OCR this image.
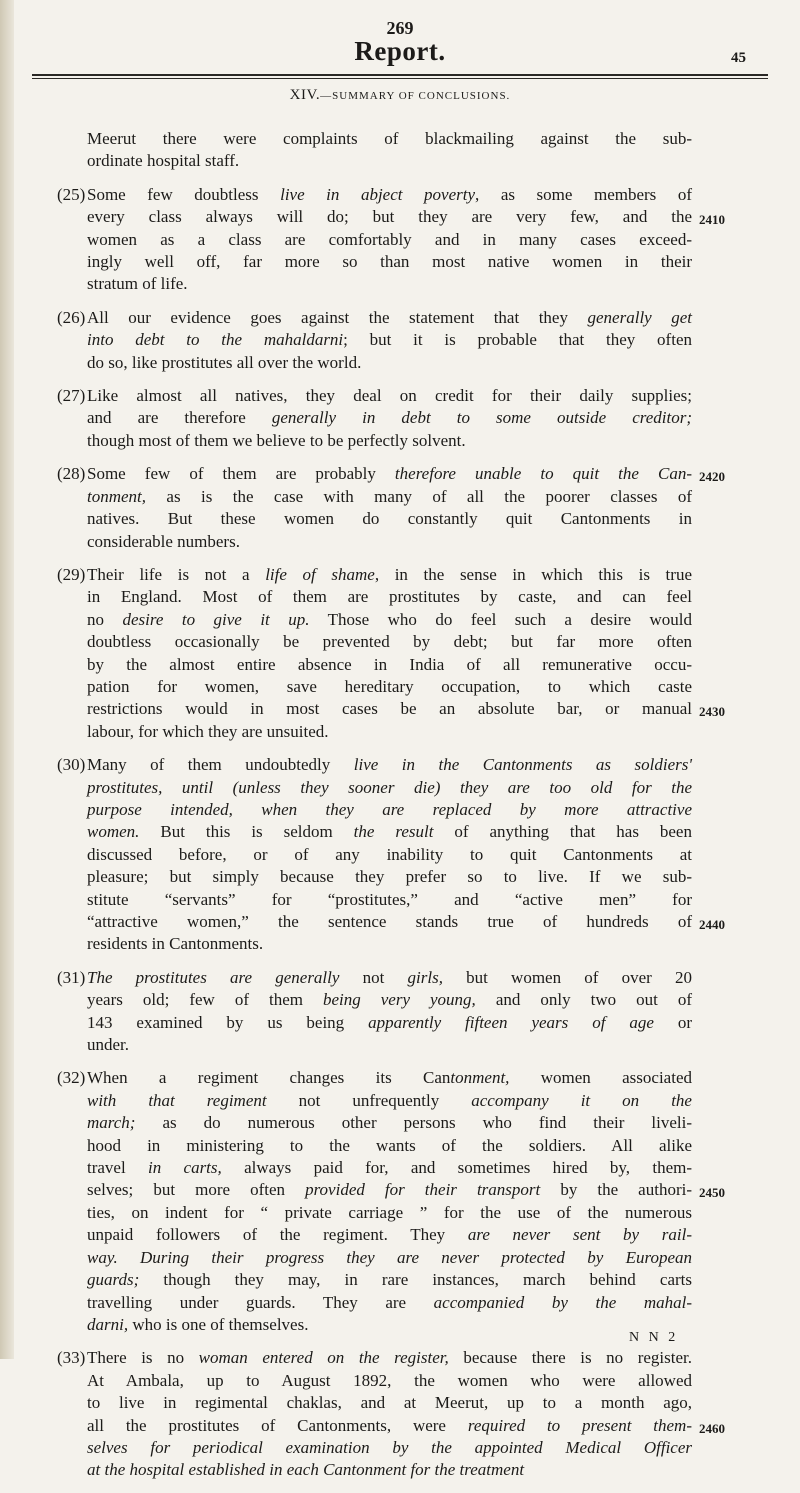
269
Report.	45
XIV.—SUMMARY OF CONCLUSIONS.
Meerut there were complaints of blackmailing against the sub-
ordinate hospital staff.
(25) Some few doubtless live in abject poverty, as some members of
every class always will do; but they are very few, and the
women as a class are comfortably and in many cases exceed-
ingly well off, far more so than most native women in their
stratum of life.
2410
(26) All our evidence goes against the statement that they generally get
into debt to the mahaldarni; but it is probable that they often
do so, like prostitutes all over the world.
(27) Like almost all natives, they deal on credit for their daily supplies;
and are therefore generally in debt to some outside creditor;
though most of them we believe to be perfectly solvent.
(28) Some few of them are probably therefore unable to quit the Can-
tonment, as is the case with many of all the poorer classes of
natives. But these women do constantly quit Cantonments in
considerable numbers.
2420
(29) Their life is not a life of shame, in the sense in which this is true
in England. Most of them are prostitutes by caste, and can feel
no desire to give it up. Those who do feel such a desire would
doubtless occasionally be prevented by debt; but far more often
by the almost entire absence in India of all remunerative occu-
pation for women, save hereditary occupation, to which caste
restrictions would in most cases be an absolute bar, or manual
labour, for which they are unsuited.
2430
(30) Many of them undoubtedly live in the Cantonments as soldiers'
prostitutes, until (unless they sooner die) they are too old for the
purpose intended, when they are replaced by more attractive
women. But this is seldom the result of anything that has been
discussed before, or of any inability to quit Cantonments at
pleasure; but simply because they prefer so to live. If we sub-
stitute “servants” for “prostitutes,” and “active men” for
“attractive women,” the sentence stands true of hundreds of
residents in Cantonments.
2440
(31) The prostitutes are generally not girls, but women of over 20
years old; few of them being very young, and only two out of
143 examined by us being apparently fifteen years of age or
under.
(32) When a regiment changes its Cantonment, women associated
with that regiment not unfrequently accompany it on the
march; as do numerous other persons who find their liveli-
hood in ministering to the wants of the soldiers. All alike
travel in carts, always paid for, and sometimes hired by, them-
selves; but more often provided for their transport by the authori-
ties, on indent for “ private carriage ” for the use of the numerous
unpaid followers of the regiment. They are never sent by rail-
way. During their progress they are never protected by European
guards; though they may, in rare instances, march behind carts
travelling under guards. They are accompanied by the mahal-
darni, who is one of themselves.
2450
(33) There is no woman entered on the register, because there is no register.
At Ambala, up to August 1892, the women who were allowed
to live in regimental chaklas, and at Meerut, up to a month ago,
all the prostitutes of Cantonments, were required to present them-
selves for periodical examination by the appointed Medical Officer
at the hospital established in each Cantonment for the treatment
2460
N N 2
